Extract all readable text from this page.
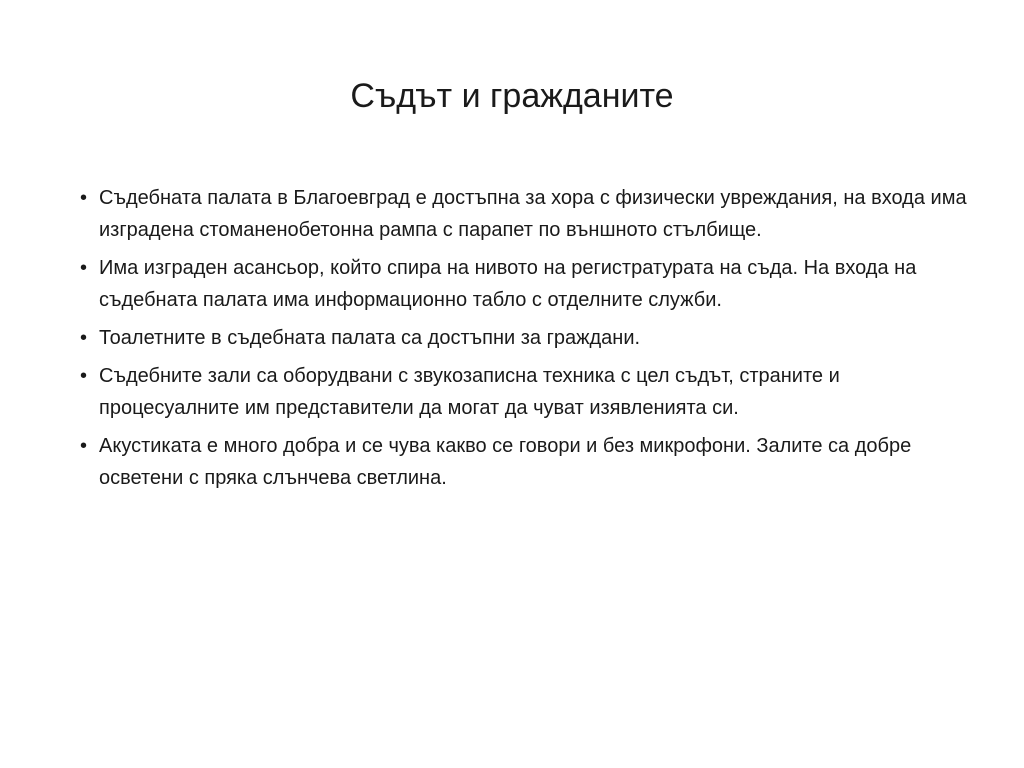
Съдът и гражданите
• Съдебната палата в Благоевград е достъпна за хора с физически увреждания, на входа има изградена стоманенобетонна рампа с парапет по външното стълбище.
• Има изграден асансьор, който спира на нивото на регистратурата на съда. На входа на съдебната палата има информационно табло с отделните служби.
• Тоалетните в съдебната палата са достъпни за граждани.
• Съдебните зали са оборудвани с звукозаписна техника с цел съдът, страните и процесуалните им представители да могат да чуват изявленията си.
• Акустиката е много добра и се чува какво се говори и без микрофони. Залите са добре осветени с пряка слънчева светлина.
